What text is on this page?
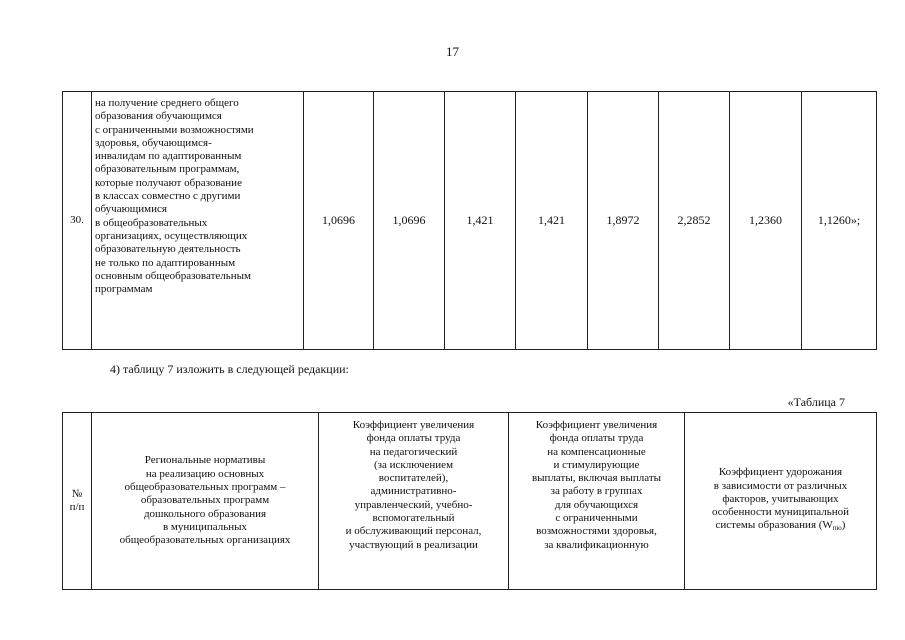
17
30.	
на получение среднего общего
образования обучающимся
с ограниченными возможностями
здоровья, обучающимся-
инвалидам по адаптированным
образовательным программам,
которые получают образование
в классах совместно с другими
обучающимися
в общеобразовательных
организациях, осуществляющих
образовательную деятельность
не только по адаптированным
основным общеобразовательным
программам
	1,0696	1,0696	1,421	1,421	1,8972	2,2852	1,2360	1,1260»;
4) таблицу 7 изложить в следующей редакции:
«Таблица 7
№
п/п

Региональные нормативы
на реализацию основных
общеобразовательных программ –
образовательных программ
дошкольного образования
в муниципальных
общеобразовательных организациях

Коэффициент увеличения
фонда оплаты труда
на педагогический
(за исключением
воспитателей),
административно-
управленческий, учебно-
вспомогательный
и обслуживающий персонал,
участвующий в реализации

Коэффициент увеличения
фонда оплаты труда
на компенсационные
и стимулирующие
выплаты, включая выплаты
за работу в группах
для обучающихся
с ограниченными
возможностями здоровья,
за квалификационную

Коэффициент удорожания
в зависимости от различных
факторов, учитывающих
особенности муниципальной
системы образования $(W_{пю})$
